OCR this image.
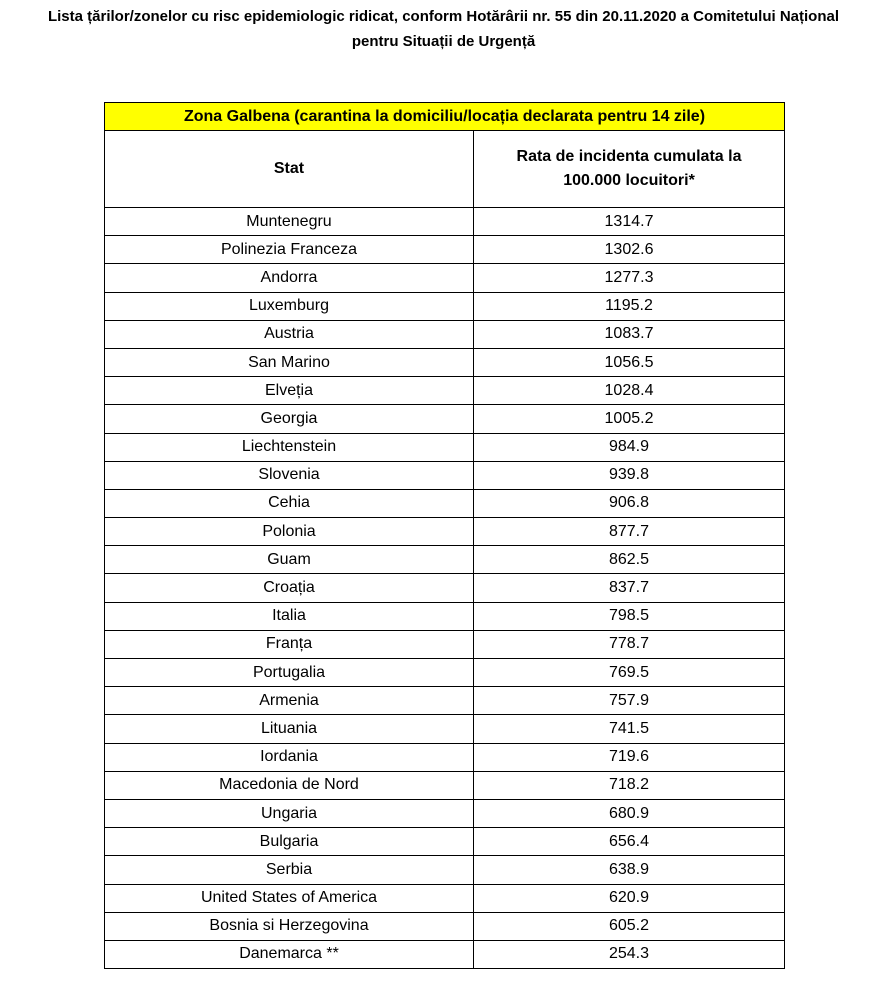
Lista țărilor/zonelor cu risc epidemiologic ridicat, conform Hotărârii nr. 55 din 20.11.2020 a Comitetului Național
pentru Situații de Urgență
Zona Galbena (carantina la domiciliu/locația declarata pentru 14 zile)	
Stat	Rata de incidenta cumulata la 100.000 locuitori*
Muntenegru	1314.7
Polinezia Franceza	1302.6
Andorra	1277.3
Luxemburg	1195.2
Austria	1083.7
San Marino	1056.5
Elveția	1028.4
Georgia	1005.2
Liechtenstein	984.9
Slovenia	939.8
Cehia	906.8
Polonia	877.7
Guam	862.5
Croația	837.7
Italia	798.5
Franța	778.7
Portugalia	769.5
Armenia	757.9
Lituania	741.5
Iordania	719.6
Macedonia de Nord	718.2
Ungaria	680.9
Bulgaria	656.4
Serbia	638.9
United States of America	620.9
Bosnia si Herzegovina	605.2
Danemarca **	254.3
